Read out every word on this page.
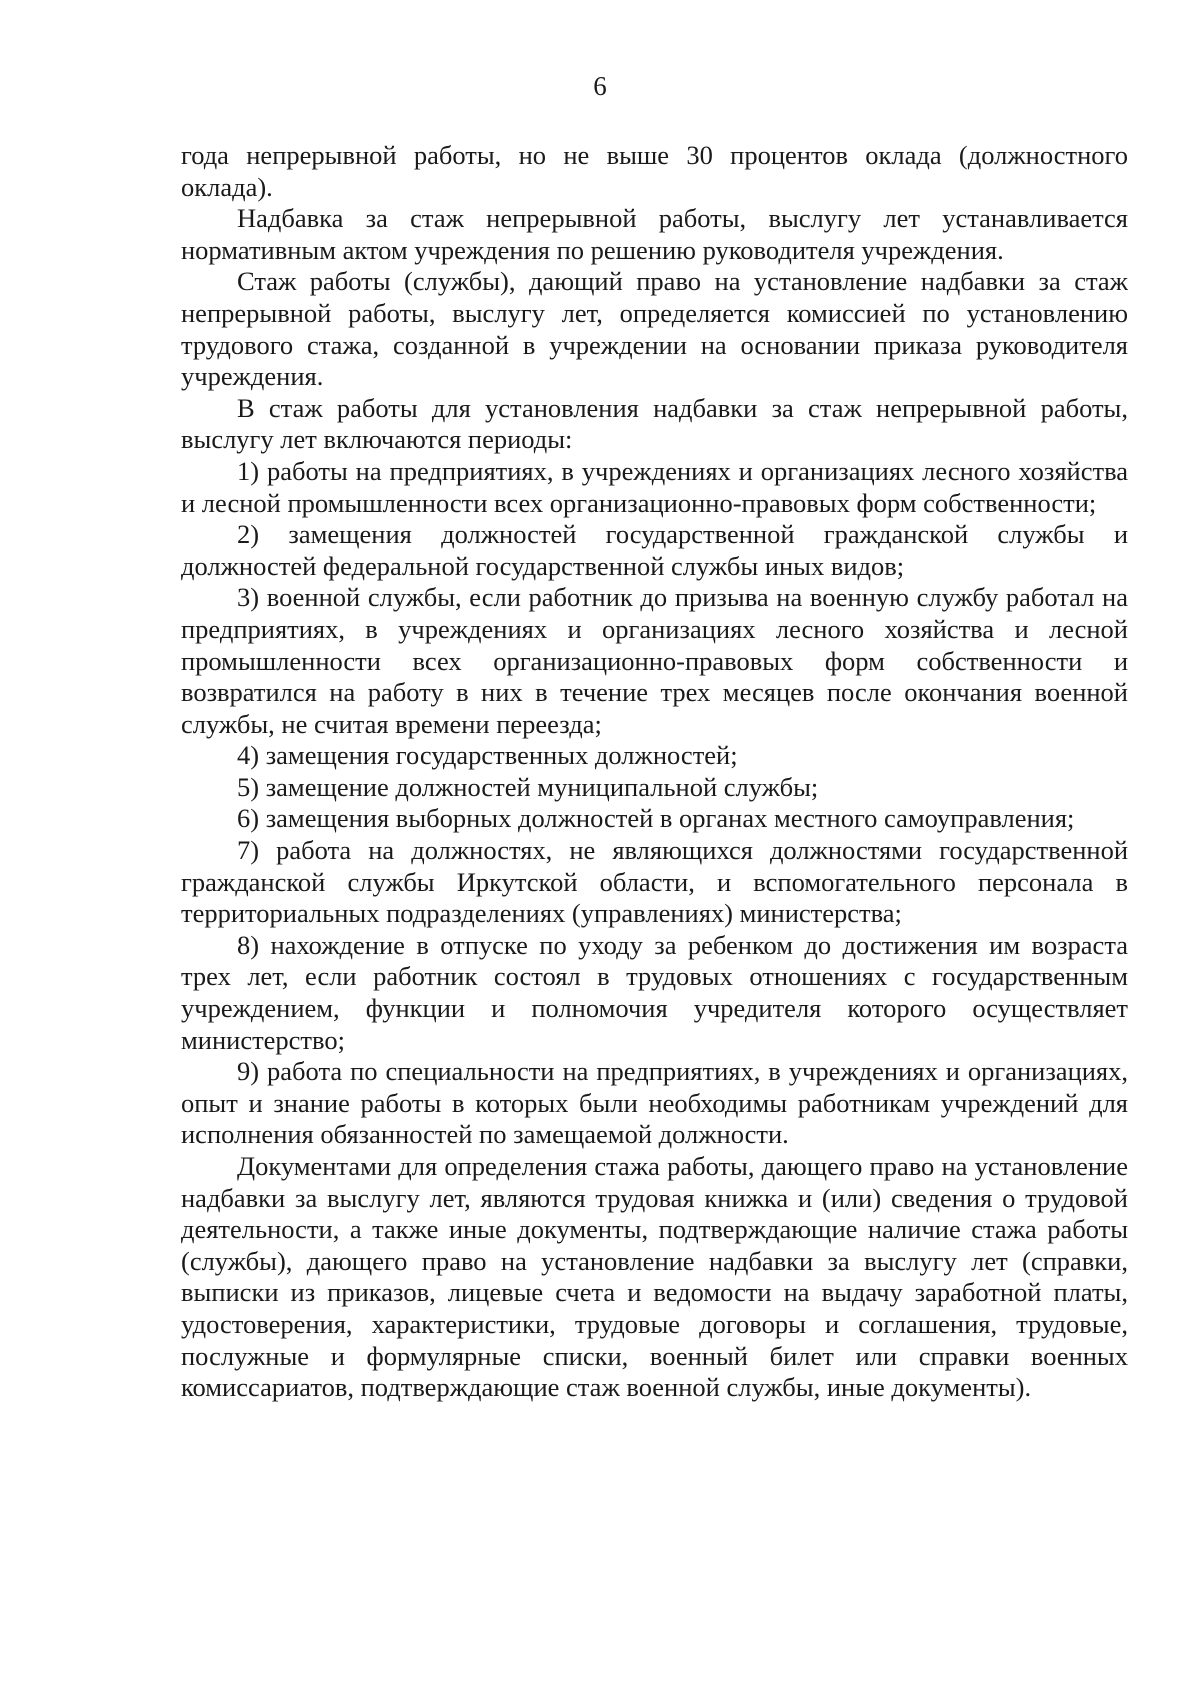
6

года непрерывной работы, но не выше 30 процентов оклада (должностного оклада).

Надбавка за стаж непрерывной работы, выслугу лет устанавливается нормативным актом учреждения по решению руководителя учреждения.

Стаж работы (службы), дающий право на установление надбавки за стаж непрерывной работы, выслугу лет, определяется комиссией по установлению трудового стажа, созданной в учреждении на основании приказа руководителя учреждения.

В стаж работы для установления надбавки за стаж непрерывной работы, выслугу лет включаются периоды:

1) работы на предприятиях, в учреждениях и организациях лесного хозяйства и лесной промышленности всех организационно-правовых форм собственности;

2) замещения должностей государственной гражданской службы и должностей федеральной государственной службы иных видов;

3) военной службы, если работник до призыва на военную службу работал на предприятиях, в учреждениях и организациях лесного хозяйства и лесной промышленности всех организационно-правовых форм собственности и возвратился на работу в них в течение трех месяцев после окончания военной службы, не считая времени переезда;

4) замещения государственных должностей;

5) замещение должностей муниципальной службы;

6) замещения выборных должностей в органах местного самоуправления;

7) работа на должностях, не являющихся должностями государственной гражданской службы Иркутской области, и вспомогательного персонала в территориальных подразделениях (управлениях) министерства;

8) нахождение в отпуске по уходу за ребенком до достижения им возраста трех лет, если работник состоял в трудовых отношениях с государственным учреждением, функции и полномочия учредителя которого осуществляет министерство;

9) работа по специальности на предприятиях, в учреждениях и организациях, опыт и знание работы в которых были необходимы работникам учреждений для исполнения обязанностей по замещаемой должности.

Документами для определения стажа работы, дающего право на установление надбавки за выслугу лет, являются трудовая книжка и (или) сведения о трудовой деятельности, а также иные документы, подтверждающие наличие стажа работы (службы), дающего право на установление надбавки за выслугу лет (справки, выписки из приказов, лицевые счета и ведомости на выдачу заработной платы, удостоверения, характеристики, трудовые договоры и соглашения, трудовые, послужные и формулярные списки, военный билет или справки военных комиссариатов, подтверждающие стаж военной службы, иные документы).
